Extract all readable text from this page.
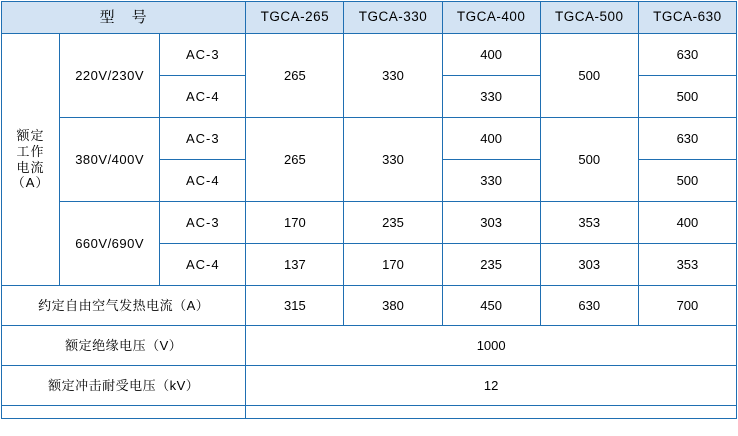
型　号			TGCA-265	TGCA-330	TGCA-400	TGCA-500	TGCA-630

额定
工作
电流
（A）	220V/230V	AC-3	265	330	400	500	630
		AC-4			330		500
	380V/400V	AC-3	265	330	400	500	630
		AC-4			330		500
	660V/690V	AC-3	170	235	303	353	400
		AC-4	137	170	235	303	353
约定自由空气发热电流（A）			315	380	450	630	700
额定绝缘电压（V）			1000				
额定冲击耐受电压（kV）			12				
